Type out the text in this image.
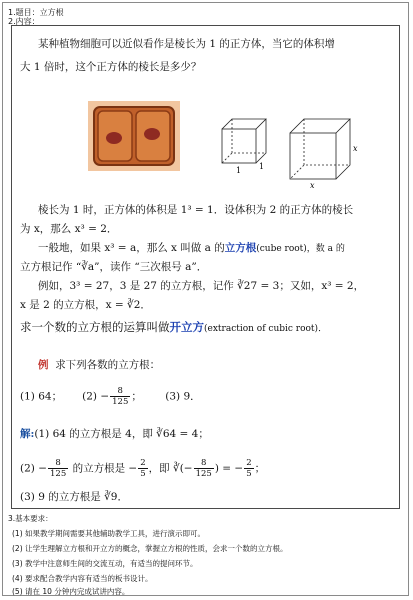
1.题目：立方根
2.内容：
某种植物细胞可以近似看作是棱长为 1 的正方体，当它的体积增
大 1 倍时，这个正方体的棱长是多少？
1 1
x
x
棱长为 1 时，正方体的体积是 1³ = 1．设体积为 2 的正方体的棱长
为 x，那么 x³ = 2．
一般地，如果 x³ = a，那么 x 叫做 a 的立方根(cube root)，数 a 的
立方根记作 “∛a”，读作 “三次根号 a”．
例如，3³ = 27，3 是 27 的立方根，记作 ∛27 = 3；又如，x³ = 2，
x 是 2 的立方根，x = ∛2．
求一个数的立方根的运算叫做开立方(extraction of cubic root)．
例 求下列各数的立方根：
(1) 64； $(2) - \frac{8}{125}$ ； (3) 9．
解:(1) 64 的立方根是 4，即 ∛64 = 4；
$(2) - \frac{8}{125}$ 的立方根是 − $\frac{2}{5}$ ，即 ∛(− $\frac{8}{125}$ ) = − $\frac{2}{5}$ ；
(3) 9 的立方根是 ∛9．
3.基本要求：
(1) 如果教学期间需要其他辅助教学工具，进行演示即可。
(2) 让学生理解立方根和开立方的概念，掌握立方根的性质，会求一个数的立方根。
(3) 教学中注意师生间的交流互动，有适当的提问环节。
(4) 要求配合教学内容有适当的板书设计。
(5) 请在 10 分钟内完成试讲内容。
